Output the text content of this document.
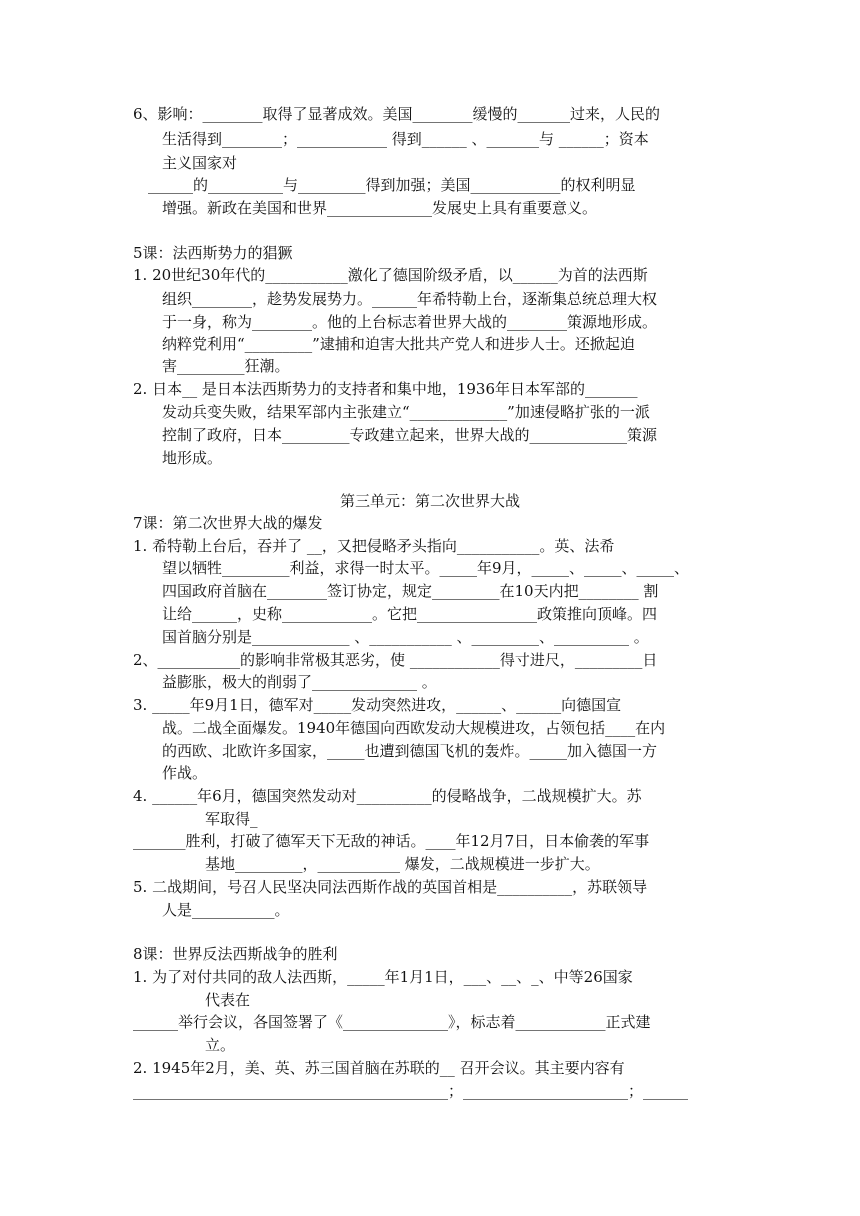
6、影响：________取得了显著成效。美国________缓慢的_______过来，人民的
生活得到________；____________ 得到______ 、_______与 ______；资本
主义国家对
______的__________与_________得到加强；美国____________的权利明显
增强。新政在美国和世界______________发展史上具有重要意义。
5课：法西斯势力的猖獗
1. 20世纪30年代的___________激化了德国阶级矛盾，以______为首的法西斯
组织________，趁势发展势力。______年希特勒上台，逐渐集总统总理大权
于一身，称为________。他的上台标志着世界大战的________策源地形成。
纳粹党利用“_________”逮捕和迫害大批共产党人和进步人士。还掀起迫
害_________狂潮。
2. 日本__ 是日本法西斯势力的支持者和集中地，1936年日本军部的_______
发动兵变失败，结果军部内主张建立“_____________”加速侵略扩张的一派
控制了政府，日本_________专政建立起来，世界大战的_____________策源
地形成。
第三单元：第二次世界大战
7课：第二次世界大战的爆发
1. 希特勒上台后，吞并了 __，又把侵略矛头指向___________。英、法希
望以牺牲_________利益，求得一时太平。_____年9月，_____、_____、_____、
四国政府首脑在________签订协定，规定_________在10天内把________ 割
让给______，史称____________。它把________________政策推向顶峰。四
国首脑分别是_____________ 、___________ 、_________、__________ 。
2、___________的影响非常极其恶劣，使 ____________得寸进尺，_________日
益膨胀，极大的削弱了______________ 。
3. _____年9月1日，德军对_____发动突然进攻，______、______向德国宣
战。二战全面爆发。1940年德国向西欧发动大规模进攻，占领包括____在内
的西欧、北欧许多国家，_____也遭到德国飞机的轰炸。_____加入德国一方
作战。
4. ______年6月，德国突然发动对__________的侵略战争，二战规模扩大。苏
军取得_
_______胜利，打破了德军天下无敌的神话。____年12月7日，日本偷袭的军事
基地_________，___________ 爆发，二战规模进一步扩大。
5. 二战期间，号召人民坚决同法西斯作战的英国首相是__________，苏联领导
人是___________。
8课：世界反法西斯战争的胜利
1. 为了对付共同的敌人法西斯，_____年1月1日，___、__、_、中等26国家
代表在
______举行会议，各国签署了《______________》，标志着____________正式建
立。
2. 1945年2月，美、英、苏三国首脑在苏联的__ 召开会议。其主要内容有
__________________________________________；______________________；______
